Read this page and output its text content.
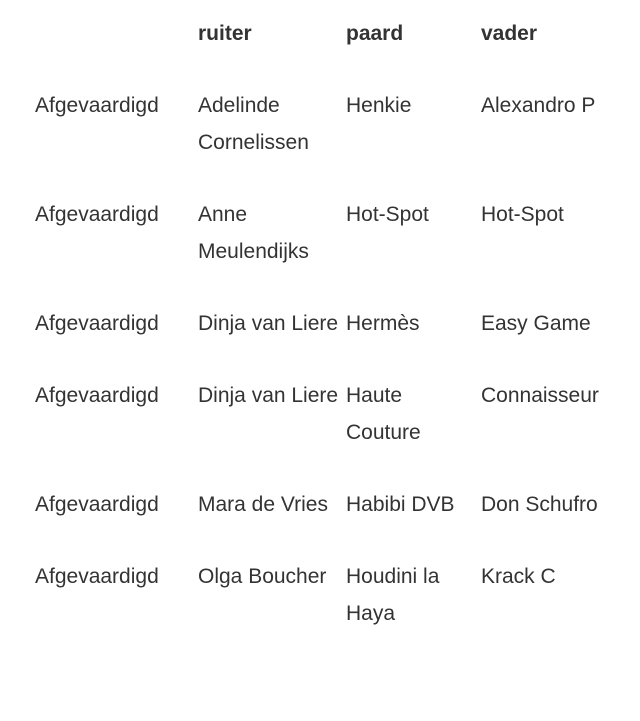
	ruiter	paard	vader
Afgevaardigd	Adelinde Cornelissen	Henkie	Alexandro P
Afgevaardigd	Anne Meulendijks	Hot-Spot	Hot-Spot
Afgevaardigd	Dinja van Liere	Hermès	Easy Game
Afgevaardigd	Dinja van Liere	Haute Couture	Connaisseur
Afgevaardigd	Mara de Vries	Habibi DVB	Don Schufro
Afgevaardigd	Olga Boucher	Houdini la Haya	Krack C
